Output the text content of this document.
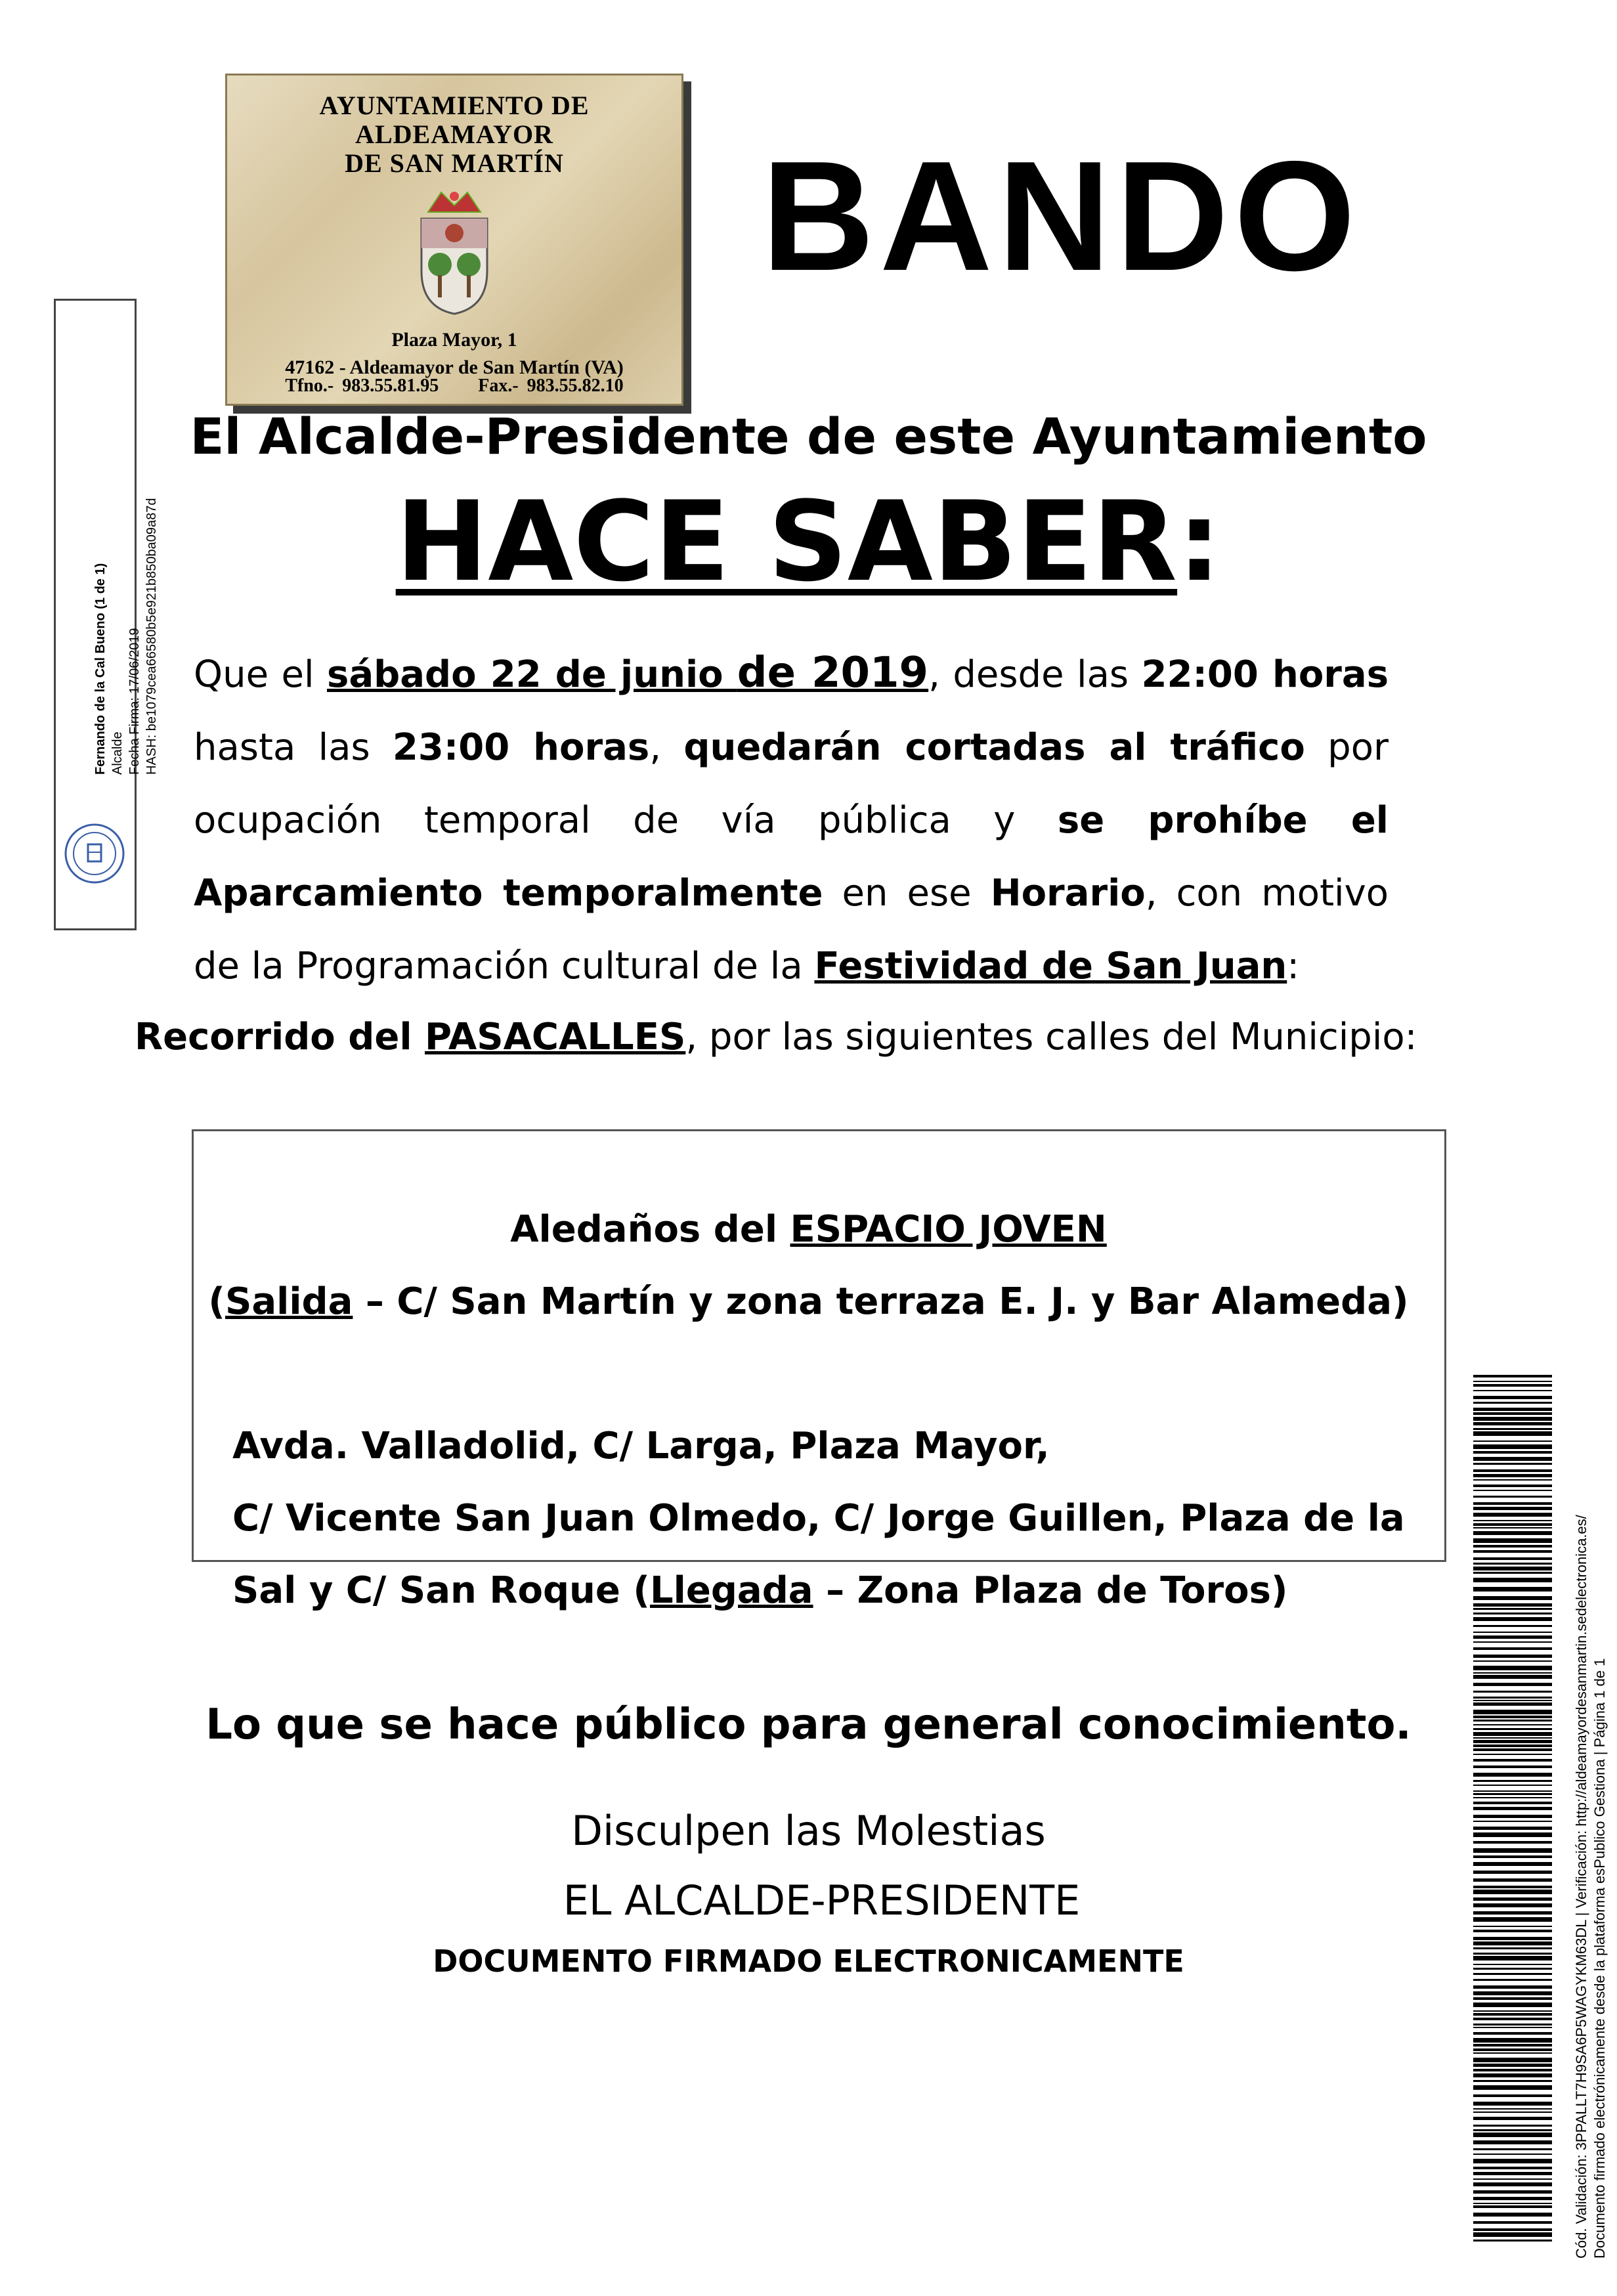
Fernando de la Cal Bueno (1 de 1) Alcalde Fecha Firma: 17/06/2019 HASH: be1079cea66580b5e921b850ba09a87d
AYUNTAMIENTO DE
ALDEAMAYOR
DE SAN MARTÍN
Plaza Mayor, 1
47162 - Aldeamayor de San Martín (VA)
Tfno.- 983.55.81.95 Fax.- 983.55.82.10
BANDO
El Alcalde-Presidente de este Ayuntamiento
HACE SABER:
Que el sábado 22 de junio de 2019, desde las 22:00 horas hasta las 23:00 horas, quedarán cortadas al tráfico por ocupación temporal de vía pública y se prohíbe el Aparcamiento temporalmente en ese Horario, con motivo de la Programación cultural de la Festividad de San Juan:
Recorrido del PASACALLES, por las siguientes calles del Municipio:
Aledaños del ESPACIO JOVEN
(Salida – C/ San Martín y zona terraza E. J. y Bar Alameda)
Avda. Valladolid, C/ Larga, Plaza Mayor,
C/ Vicente San Juan Olmedo, C/ Jorge Guillen, Plaza de la
Sal y C/ San Roque (Llegada – Zona Plaza de Toros)
Lo que se hace público para general conocimiento.
Disculpen las Molestias
EL ALCALDE-PRESIDENTE
DOCUMENTO FIRMADO ELECTRONICAMENTE	Cód. Validación: 3PPALLT7H9SA6P5WAGYKM63DL | Verificación: http://aldeamayordesanmartin.sedelectronica.es/ Documento firmado electrónicamente desde la plataforma esPublico Gestiona | Página 1 de 1
